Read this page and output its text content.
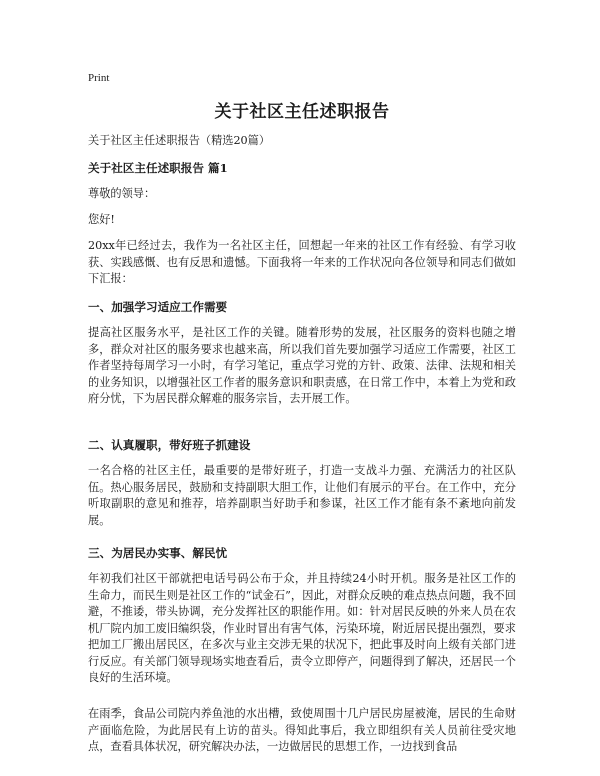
Print
关于社区主任述职报告
关于社区主任述职报告（精选20篇）
关于社区主任述职报告 篇1
尊敬的领导：
您好!
20xx年已经过去，我作为一名社区主任，回想起一年来的社区工作有经验、有学习收获、实践感慨、也有反思和遗憾。下面我将一年来的工作状况向各位领导和同志们做如下汇报：
一、加强学习适应工作需要
提高社区服务水平，是社区工作的关键。随着形势的发展，社区服务的资料也随之增多，群众对社区的服务要求也越来高，所以我们首先要加强学习适应工作需要，社区工作者坚持每周学习一小时，有学习笔记，重点学习党的方针、政策、法律、法规和相关的业务知识，以增强社区工作者的服务意识和职责感，在日常工作中，本着上为党和政府分忧，下为居民群众解难的服务宗旨，去开展工作。
二、认真履职，带好班子抓建设
一名合格的社区主任，最重要的是带好班子，打造一支战斗力强、充满活力的社区队伍。热心服务居民，鼓励和支持副职大胆工作，让他们有展示的平台。在工作中，充分听取副职的意见和推荐，培养副职当好助手和参谋，社区工作才能有条不紊地向前发展。
三、为居民办实事、解民忧
年初我们社区干部就把电话号码公布于众，并且持续24小时开机。服务是社区工作的生命力，而民生则是社区工作的“试金石”，因此，对群众反映的难点热点问题，我不回避，不推诿，带头协调，充分发挥社区的职能作用。如：针对居民反映的外来人员在农机厂院内加工废旧编织袋，作业时冒出有害气体，污染环境，附近居民提出强烈，要求把加工厂搬出居民区，在多次与业主交涉无果的状况下，把此事及时向上级有关部门进行反应。有关部门领导现场实地查看后，责令立即停产，问题得到了解决，还居民一个良好的生活环境。
在雨季，食品公司院内养鱼池的水出槽，致使周围十几户居民房屋被淹，居民的生命财产面临危险，为此居民有上访的苗头。得知此事后，我立即组织有关人员前往受灾地点，查看具体状况，研究解决办法，一边做居民的思想工作，一边找到食品
